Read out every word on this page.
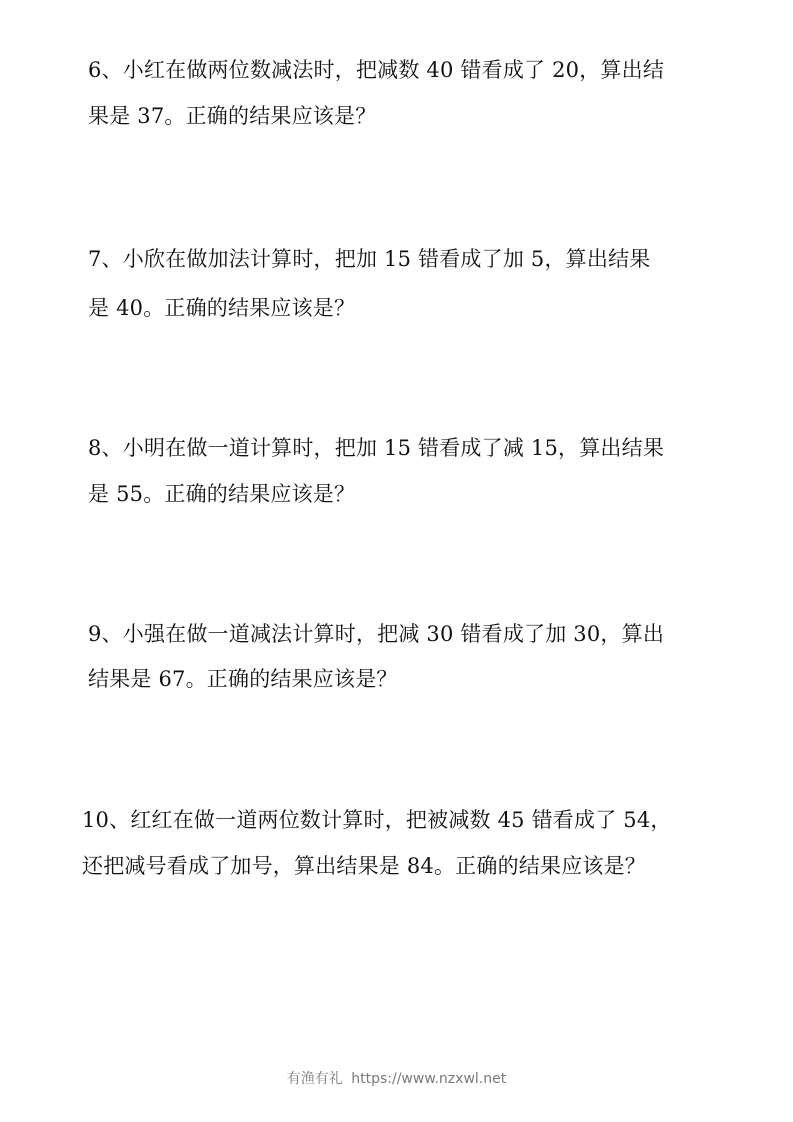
6、小红在做两位数减法时，把减数 40 错看成了 20，算出结
果是 37。正确的结果应该是？
7、小欣在做加法计算时，把加 15 错看成了加 5，算出结果
是 40。正确的结果应该是？
8、小明在做一道计算时，把加 15 错看成了减 15，算出结果
是 55。正确的结果应该是？
9、小强在做一道减法计算时，把减 30 错看成了加 30，算出
结果是 67。正确的结果应该是？
10、红红在做一道两位数计算时，把被减数 45 错看成了 54，
还把减号看成了加号，算出结果是 84。正确的结果应该是？
有渔有礼 https://www.nzxwl.net
